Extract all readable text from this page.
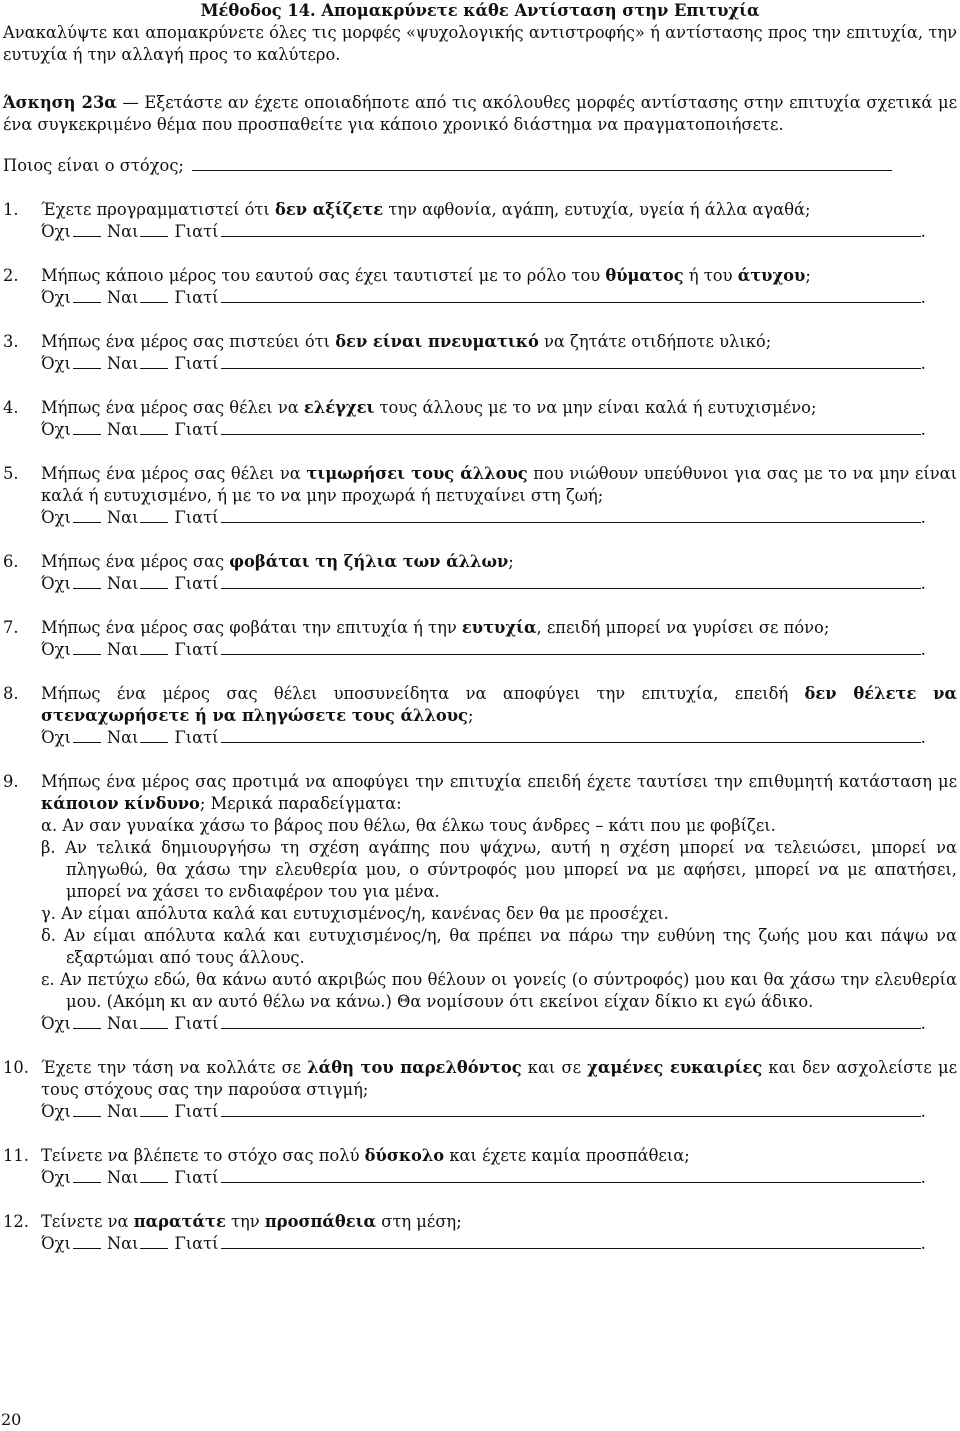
Μέθοδος 14. Απομακρύνετε κάθε Αντίσταση στην Επιτυχία

Ανακαλύψτε και απομακρύνετε όλες τις μορφές «ψυχολογικής αντιστροφής» ή αντίστασης προς την επιτυχία, την ευτυχία ή την αλλαγή προς το καλύτερο.

Άσκηση 23α — Εξετάστε αν έχετε οποιαδήποτε από τις ακόλουθες μορφές αντίστασης στην επιτυχία σχετικά με ένα συγκεκριμένο θέμα που προσπαθείτε για κάποιο χρονικό διάστημα να πραγματοποιήσετε.

Ποιος είναι ο στόχος;

1.	Έχετε προγραμματιστεί ότι δεν αξίζετε την αφθονία, αγάπη, ευτυχία, υγεία ή άλλα αγαθά;

Όχι Ναι Γιατί	.

2.	Μήπως κάποιο μέρος του εαυτού σας έχει ταυτιστεί με το ρόλο του θύματος ή του άτυχου;

Όχι Ναι Γιατί	.

3.	Μήπως ένα μέρος σας πιστεύει ότι δεν είναι πνευματικό να ζητάτε οτιδήποτε υλικό;

Όχι Ναι Γιατί	.

4.	Μήπως ένα μέρος σας θέλει να ελέγχει τους άλλους με το να μην είναι καλά ή ευτυχισμένο;

Όχι Ναι Γιατί	.

5.	Μήπως ένα μέρος σας θέλει να τιμωρήσει τους άλλους που νιώθουν υπεύθυνοι για σας με το να μην είναι καλά ή ευτυχισμένο, ή με το να μην προχωρά ή πετυχαίνει στη ζωή;

Όχι Ναι Γιατί	.

6.	Μήπως ένα μέρος σας φοβάται τη ζήλια των άλλων;

Όχι Ναι Γιατί	.

7.	Μήπως ένα μέρος σας φοβάται την επιτυχία ή την ευτυχία, επειδή μπορεί να γυρίσει σε πόνο;

Όχι Ναι Γιατί	.

8.	Μήπως ένα μέρος σας θέλει υποσυνείδητα να αποφύγει την επιτυχία, επειδή δεν θέλετε να στεναχωρήσετε ή να πληγώσετε τους άλλους;

Όχι Ναι Γιατί	.

9.	Μήπως ένα μέρος σας προτιμά να αποφύγει την επιτυχία επειδή έχετε ταυτίσει την επιθυμητή κατάσταση με κάποιον κίνδυνο; Μερικά παραδείγματα:

α. Αν σαν γυναίκα χάσω το βάρος που θέλω, θα έλκω τους άνδρες – κάτι που με φοβίζει.

β. Αν τελικά δημιουργήσω τη σχέση αγάπης που ψάχνω, αυτή η σχέση μπορεί να τελειώσει, μπορεί να πληγωθώ, θα χάσω την ελευθερία μου, ο σύντροφός μου μπορεί να με αφήσει, μπορεί να με απατήσει, μπορεί να χάσει το ενδιαφέρον του για μένα.

γ. Αν είμαι απόλυτα καλά και ευτυχισμένος/η, κανένας δεν θα με προσέχει.

δ. Αν είμαι απόλυτα καλά και ευτυχισμένος/η, θα πρέπει να πάρω την ευθύνη της ζωής μου και πάψω να εξαρτώμαι από τους άλλους.

ε. Αν πετύχω εδώ, θα κάνω αυτό ακριβώς που θέλουν οι γονείς (ο σύντροφός) μου και θα χάσω την ελευθερία μου. (Ακόμη κι αν αυτό θέλω να κάνω.) Θα νομίσουν ότι εκείνοι είχαν δίκιο κι εγώ άδικο.

Όχι Ναι Γιατί	.

10. Έχετε την τάση να κολλάτε σε λάθη του παρελθόντος και σε χαμένες ευκαιρίες και δεν ασχολείστε με τους στόχους σας την παρούσα στιγμή;

Όχι Ναι Γιατί	.

11. Τείνετε να βλέπετε το στόχο σας πολύ δύσκολο και έχετε καμία προσπάθεια;

Όχι Ναι Γιατί	.

12. Τείνετε να παρατάτε την προσπάθεια στη μέση;

Όχι Ναι Γιατί	.

20
